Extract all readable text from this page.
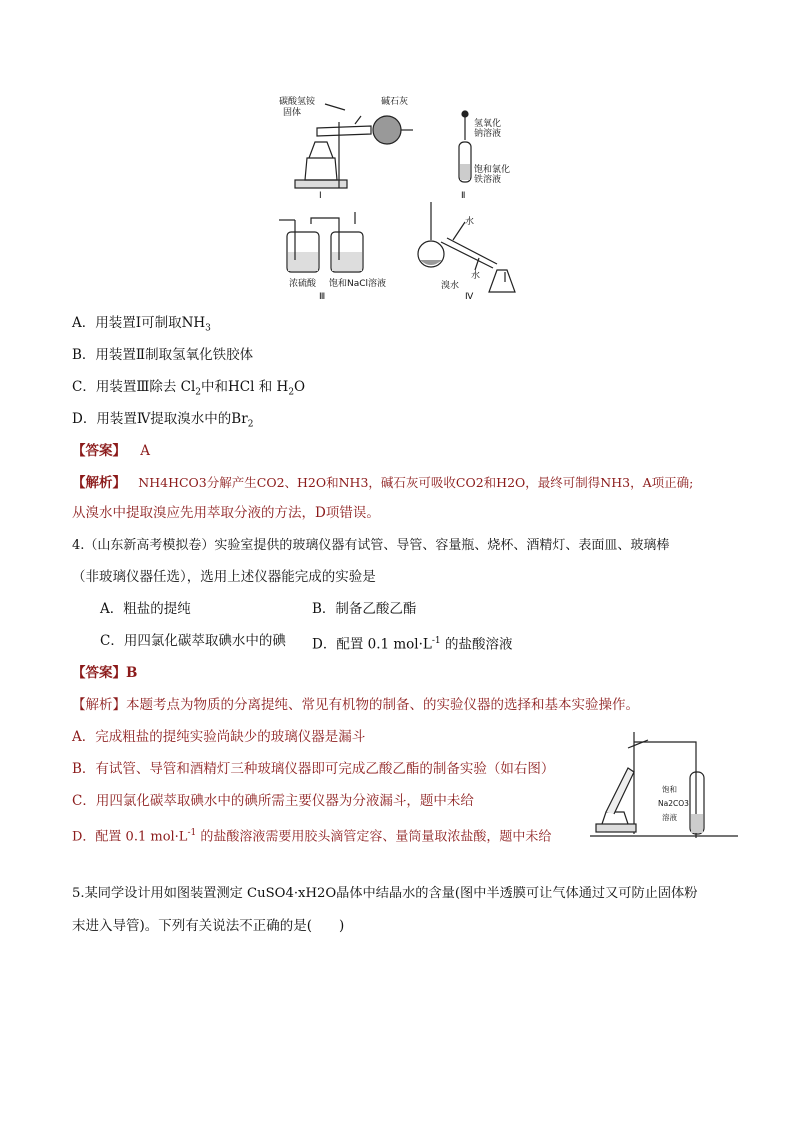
碳酸氢铵
固体
碱石灰
Ⅰ
氢氧化
钠溶液
饱和氯化
铁溶液
Ⅱ
浓硫酸 饱和NaCl溶液
Ⅲ
水
水
溴水
Ⅳ
A．用装置Ⅰ可制取$NH_3$
B．用装置Ⅱ制取氢氧化铁胶体
C．用装置Ⅲ除去 $Cl_2$中和HCl 和 $H_2O$
D．用装置Ⅳ提取溴水中的$Br_2$
【答案】 A
【解析】 NH4HCO3分解产生CO2、H2O和NH3，碱石灰可吸收CO2和H2O，最终可制得NH3，A项正确;
从溴水中提取溴应先用萃取分液的方法，D项错误。
4.（山东新高考模拟卷）实验室提供的玻璃仪器有试管、导管、容量瓶、烧杯、酒精灯、表面皿、玻璃棒
（非玻璃仪器任选），选用上述仪器能完成的实验是
A．粗盐的提纯	B．制备乙酸乙酯
C．用四氯化碳萃取碘水中的碘 D．配置 0.1 $mol\cdot L^{-1}$ 的盐酸溶液
【答案】B
【解析】本题考点为物质的分离提纯、常见有机物的制备、的实验仪器的选择和基本实验操作。
A．完成粗盐的提纯实验尚缺少的玻璃仪器是漏斗
B．有试管、导管和酒精灯三种玻璃仪器即可完成乙酸乙酯的制备实验（如右图）
C．用四氯化碳萃取碘水中的碘所需主要仪器为分液漏斗，题中未给
D．配置 0.1 $mol\cdot L^{-1}$ 的盐酸溶液需要用胶头滴管定容、量筒量取浓盐酸，题中未给
饱和
Na2CO3
溶液
5.某同学设计用如图装置测定 CuSO4·xH2O晶体中结晶水的含量(图中半透膜可让气体通过又可防止固体粉
末进入导管)。下列有关说法不正确的是(　　)
